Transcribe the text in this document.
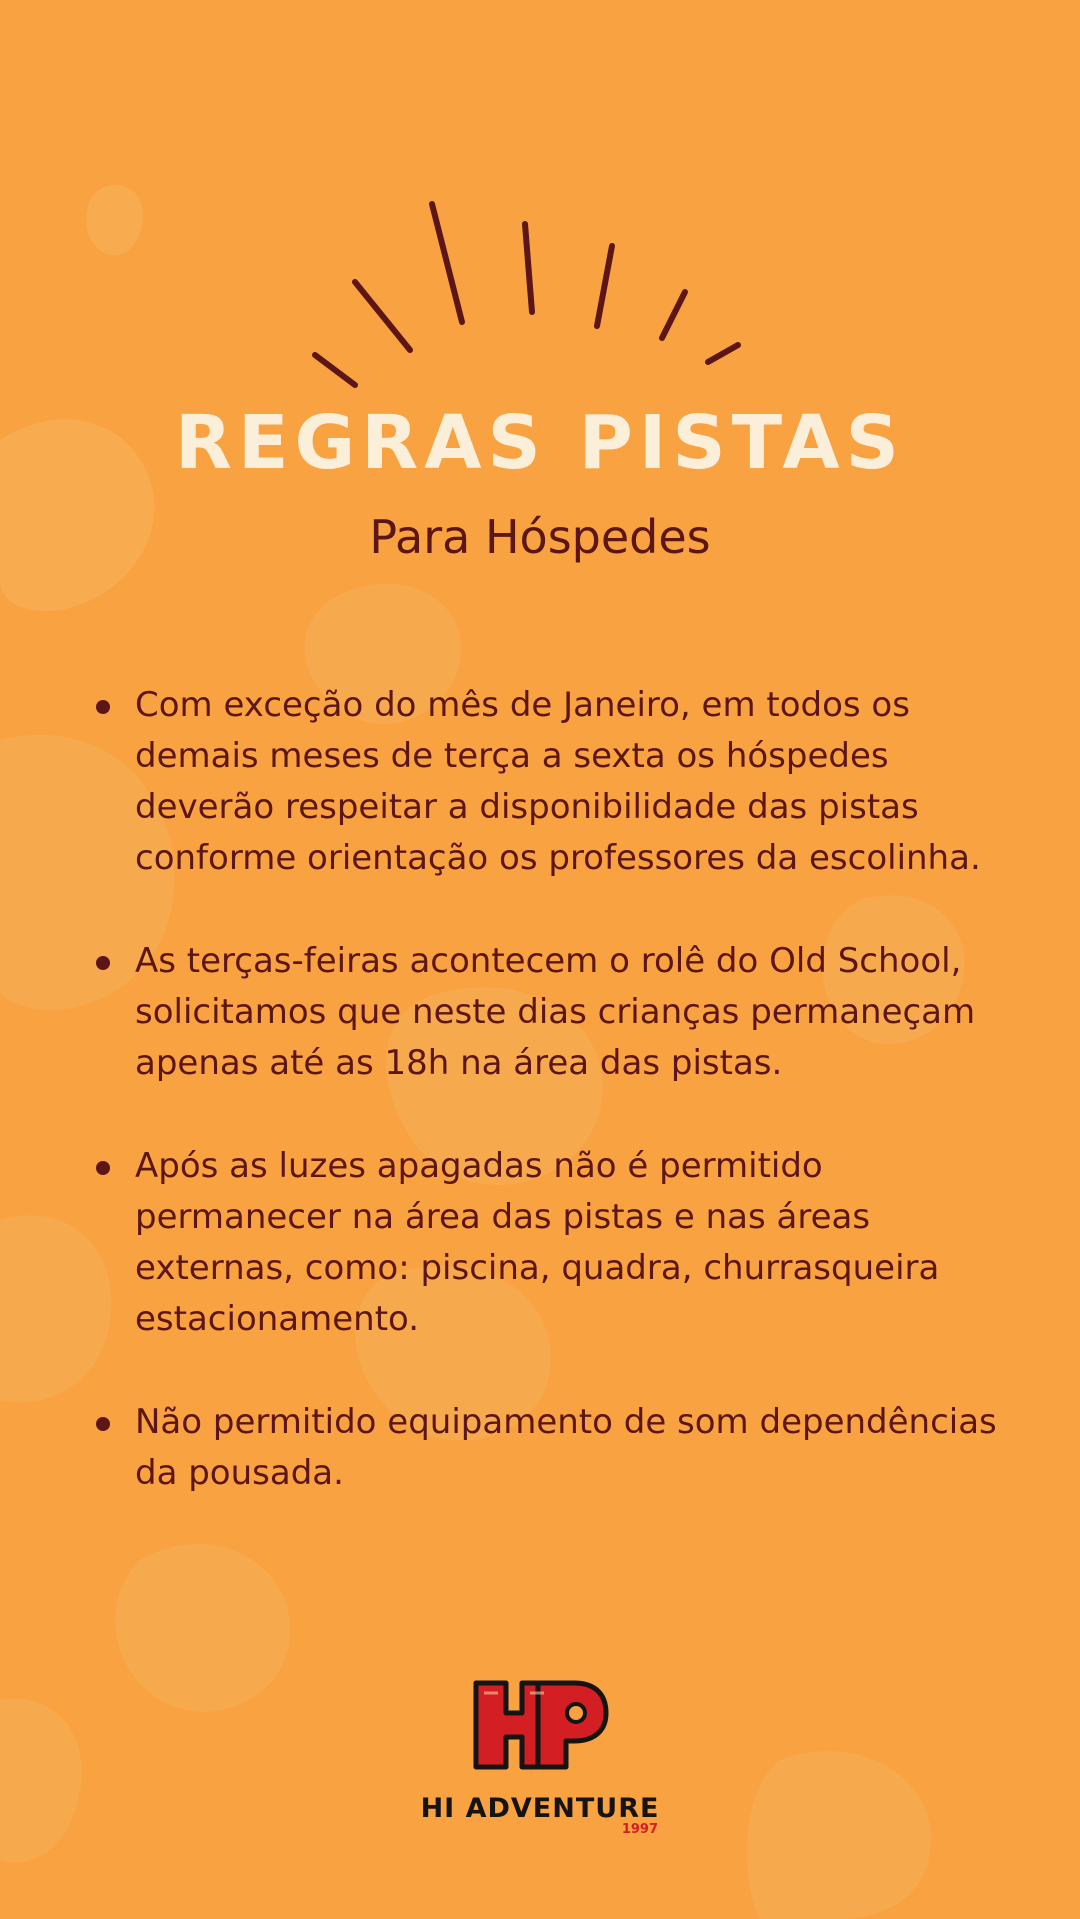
REGRAS PISTAS
Para Hóspedes
Com exceção do mês de Janeiro, em todos os demais meses de terça a sexta os hóspedes deverão respeitar a disponibilidade das pistas conforme orientação os professores da escolinha.
As terças-feiras acontecem o rolê do Old School, solicitamos que neste dias crianças permaneçam apenas até as 18h na área das pistas.
Após as luzes apagadas não é permitido permanecer na área das pistas e nas áreas externas, como: piscina, quadra, churrasqueira estacionamento.
Não permitido equipamento de som dependências da pousada.
HI ADVENTURE
1997
